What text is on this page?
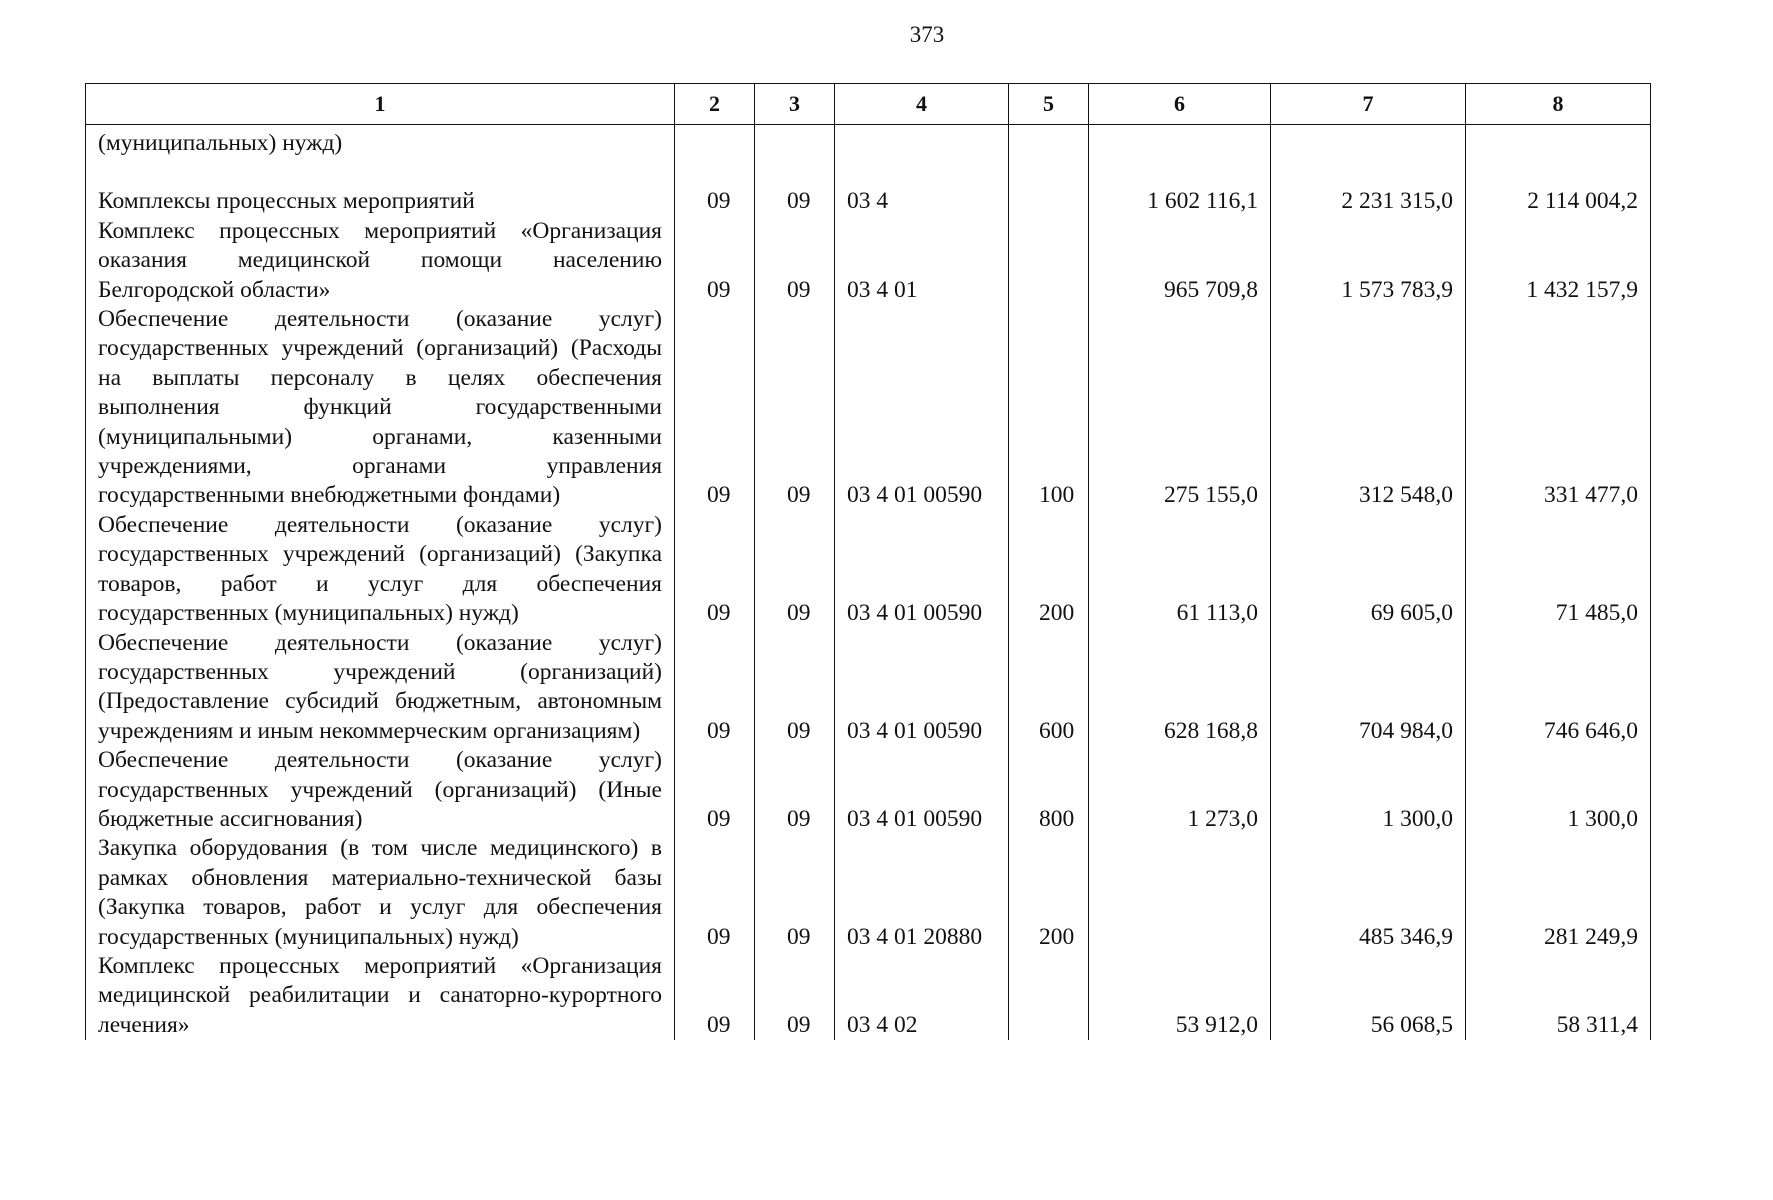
373
1	2	3	4	5	6	7	8
(муниципальных) нужд)							

Комплексы процессных мероприятий	09	09	03 4		1 602 116,1	2 231 315,0	2 114 004,2
Комплекс процессных мероприятий «Организация оказания медицинской помощи населению Белгородской области»	09	09	03 4 01		965 709,8	1 573 783,9	1 432 157,9
Обеспечение деятельности (оказание услуг) государственных учреждений (организаций) (Расходы на выплаты персоналу в целях обеспечения выполнения функций государственными (муниципальными) органами, казенными учреждениями, органами управления государственными внебюджетными фондами)	09	09	03 4 01 00590	100	275 155,0	312 548,0	331 477,0
Обеспечение деятельности (оказание услуг) государственных учреждений (организаций) (Закупка товаров, работ и услуг для обеспечения государственных (муниципальных) нужд)	09	09	03 4 01 00590	200	61 113,0	69 605,0	71 485,0
Обеспечение деятельности (оказание услуг) государственных учреждений (организаций) (Предоставление субсидий бюджетным, автономным учреждениям и иным некоммерческим организациям)	09	09	03 4 01 00590	600	628 168,8	704 984,0	746 646,0
Обеспечение деятельности (оказание услуг) государственных учреждений (организаций) (Иные бюджетные ассигнования)	09	09	03 4 01 00590	800	1 273,0	1 300,0	1 300,0
Закупка оборудования (в том числе медицинского) в рамках обновления материально-технической базы (Закупка товаров, работ и услуг для обеспечения государственных (муниципальных) нужд)	09	09	03 4 01 20880	200		485 346,9	281 249,9
Комплекс процессных мероприятий «Организация медицинской реабилитации и санаторно-курортного лечения»	09	09	03 4 02		53 912,0	56 068,5	58 311,4
